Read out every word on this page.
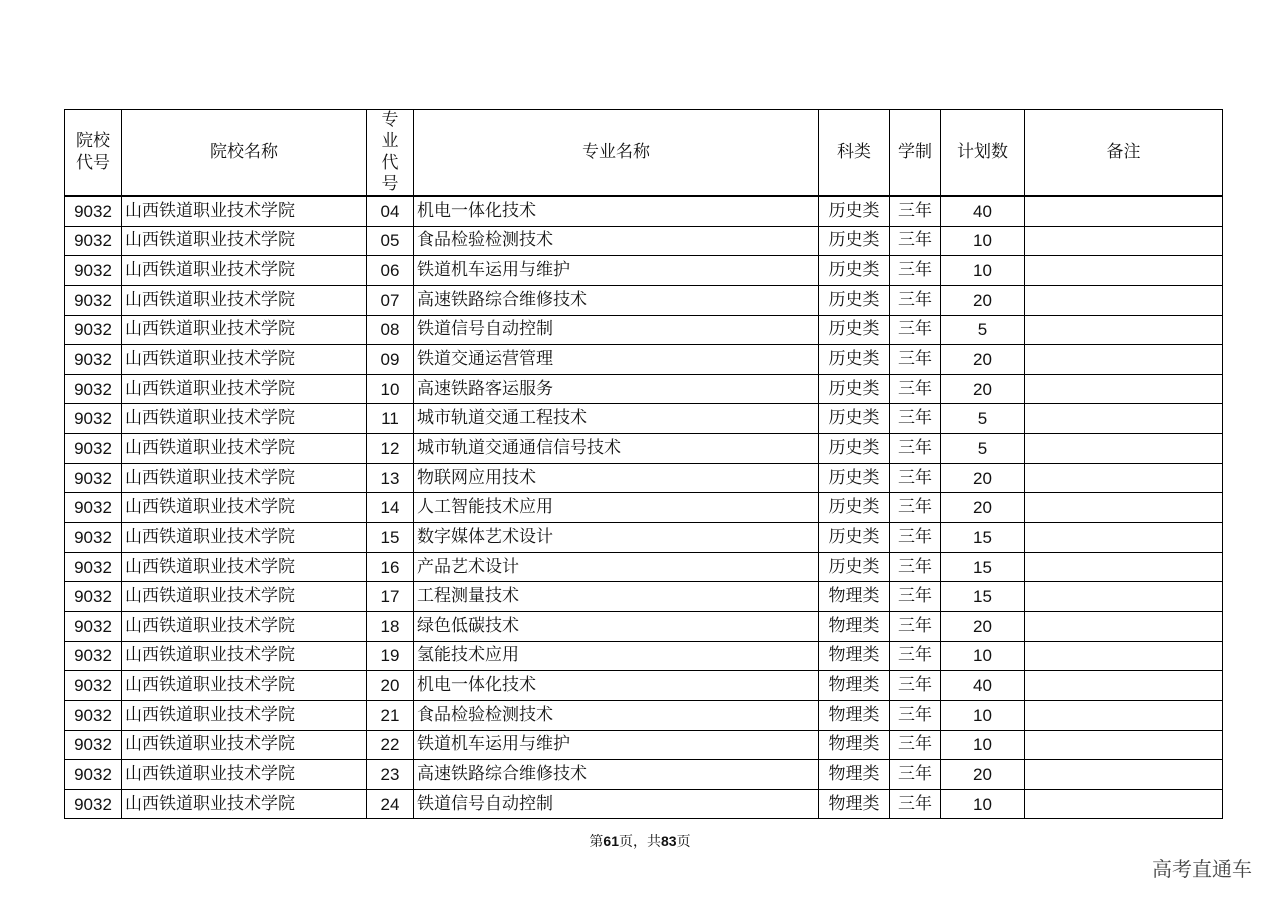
院校代号	院校名称	专业代号	专业名称	科类	学制	计划数	备注
9032	山西铁道职业技术学院	04	机电一体化技术	历史类	三年	40	
9032	山西铁道职业技术学院	05	食品检验检测技术	历史类	三年	10	
9032	山西铁道职业技术学院	06	铁道机车运用与维护	历史类	三年	10	
9032	山西铁道职业技术学院	07	高速铁路综合维修技术	历史类	三年	20	
9032	山西铁道职业技术学院	08	铁道信号自动控制	历史类	三年	5	
9032	山西铁道职业技术学院	09	铁道交通运营管理	历史类	三年	20	
9032	山西铁道职业技术学院	10	高速铁路客运服务	历史类	三年	20	
9032	山西铁道职业技术学院	11	城市轨道交通工程技术	历史类	三年	5	
9032	山西铁道职业技术学院	12	城市轨道交通通信信号技术	历史类	三年	5	
9032	山西铁道职业技术学院	13	物联网应用技术	历史类	三年	20	
9032	山西铁道职业技术学院	14	人工智能技术应用	历史类	三年	20	
9032	山西铁道职业技术学院	15	数字媒体艺术设计	历史类	三年	15	
9032	山西铁道职业技术学院	16	产品艺术设计	历史类	三年	15	
9032	山西铁道职业技术学院	17	工程测量技术	物理类	三年	15	
9032	山西铁道职业技术学院	18	绿色低碳技术	物理类	三年	20	
9032	山西铁道职业技术学院	19	氢能技术应用	物理类	三年	10	
9032	山西铁道职业技术学院	20	机电一体化技术	物理类	三年	40	
9032	山西铁道职业技术学院	21	食品检验检测技术	物理类	三年	10	
9032	山西铁道职业技术学院	22	铁道机车运用与维护	物理类	三年	10	
9032	山西铁道职业技术学院	23	高速铁路综合维修技术	物理类	三年	20	
9032	山西铁道职业技术学院	24	铁道信号自动控制	物理类	三年	10	
第61页，共83页
高考直通车
